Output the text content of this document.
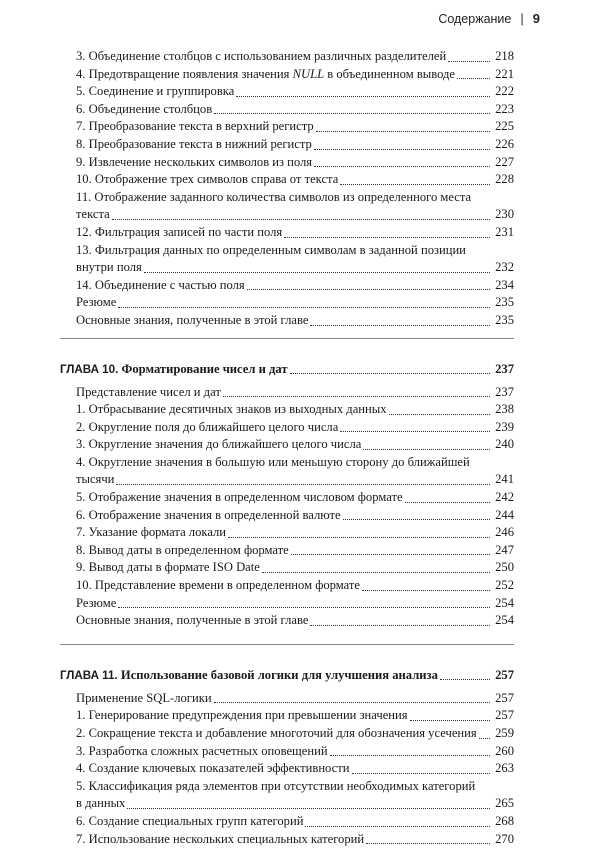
Содержание | 9
3. Объединение столбцов с использованием различных разделителей	218
4. Предотвращение появления значения NULL в объединенном выводе	221
5. Соединение и группировка	222
6. Объединение столбцов	223
7. Преобразование текста в верхний регистр	225
8. Преобразование текста в нижний регистр	226
9. Извлечение нескольких символов из поля	227
10. Отображение трех символов справа от текста	228
11. Отображение заданного количества символов из определенного места
текста	230
12. Фильтрация записей по части поля	231
13. Фильтрация данных по определенным символам в заданной позиции
внутри поля	232
14. Объединение с частью поля	234
Резюме	235
Основные знания, полученные в этой главе	235
ГЛАВА 10. Форматирование чисел и дат	237
Представление чисел и дат	237
1. Отбрасывание десятичных знаков из выходных данных	238
2. Округление поля до ближайшего целого числа	239
3. Округление значения до ближайшего целого числа	240
4. Округление значения в большую или меньшую сторону до ближайшей
тысячи	241
5. Отображение значения в определенном числовом формате	242
6. Отображение значения в определенной валюте	244
7. Указание формата локали	246
8. Вывод даты в определенном формате	247
9. Вывод даты в формате ISO Date	250
10. Представление времени в определенном формате	252
Резюме	254
Основные знания, полученные в этой главе	254
ГЛАВА 11. Использование базовой логики для улучшения анализа	257
Применение SQL-логики	257
1. Генерирование предупреждения при превышении значения	257
2. Сокращение текста и добавление многоточий для обозначения усечения 259
3. Разработка сложных расчетных оповещений	260
4. Создание ключевых показателей эффективности	263
5. Классификация ряда элементов при отсутствии необходимых категорий
в данных	265
6. Создание специальных групп категорий	268
7. Использование нескольких специальных категорий	270
